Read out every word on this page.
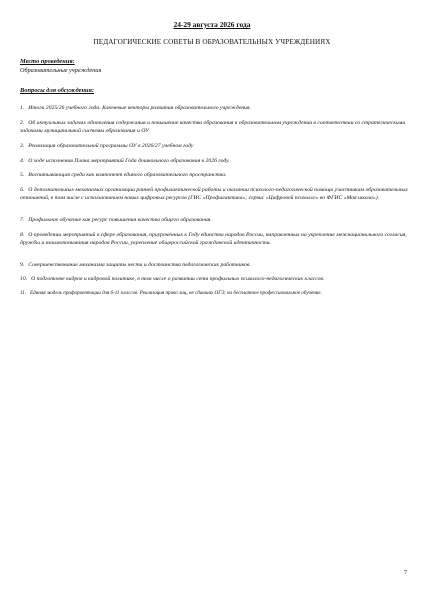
24-29 августа 2026 года
ПЕДАГОГИЧЕСКИЕ СОВЕТЫ В ОБРАЗОВАТЕЛЬНЫХ УЧРЕЖДЕНИЯХ
Место проведения:
Образовательные учреждения
Вопросы для обсуждения:
1. Итоги 2025/26 учебного года. Ключевые векторы развития образовательного учреждения.
2. Об актуальных задачах обновления содержания и повышение качества образования в образовательном учреждении в соответствии со стратегическими задачами муниципальной системы образования и ОУ
3. Реализация образовательной программы ОУ в 2026/27 учебном году
4. О ходе исполнения Плана мероприятий Года дошкольного образования в 2026 году.
5. Воспитывающая среда как компонент единого образовательного пространства.
6. О дополнительных механизмах организации ранней профилактической работы и оказании психолого-педагогической помощи участникам образовательных отношений, в том числе с использованием новых цифровых ресурсов (ГИС «Профилактика»; сервис «Цифровой психолог» во ФГИС «Моя школа»).
7. Профильное обучение как ресурс повышения качества общего образования.
8. О проведении мероприятий в сфере образования, приуроченных к Году единства народов России, направленных на укрепление межнационального согласия, дружбы и взаимопонимания народов России, укрепление общероссийской гражданской идентичности.
9. Совершенствование механизма защиты чести и достоинства педагогических работников.
10. О подготовке кадров и кадровой политике, в том числе о развитии сети профильных психолого-педагогических классов.
11. Единая модель профориентации для 6-11 классов. Реализация право лиц, не сдавших ОГЭ, на бесплатное профессиональное обучение.
7
